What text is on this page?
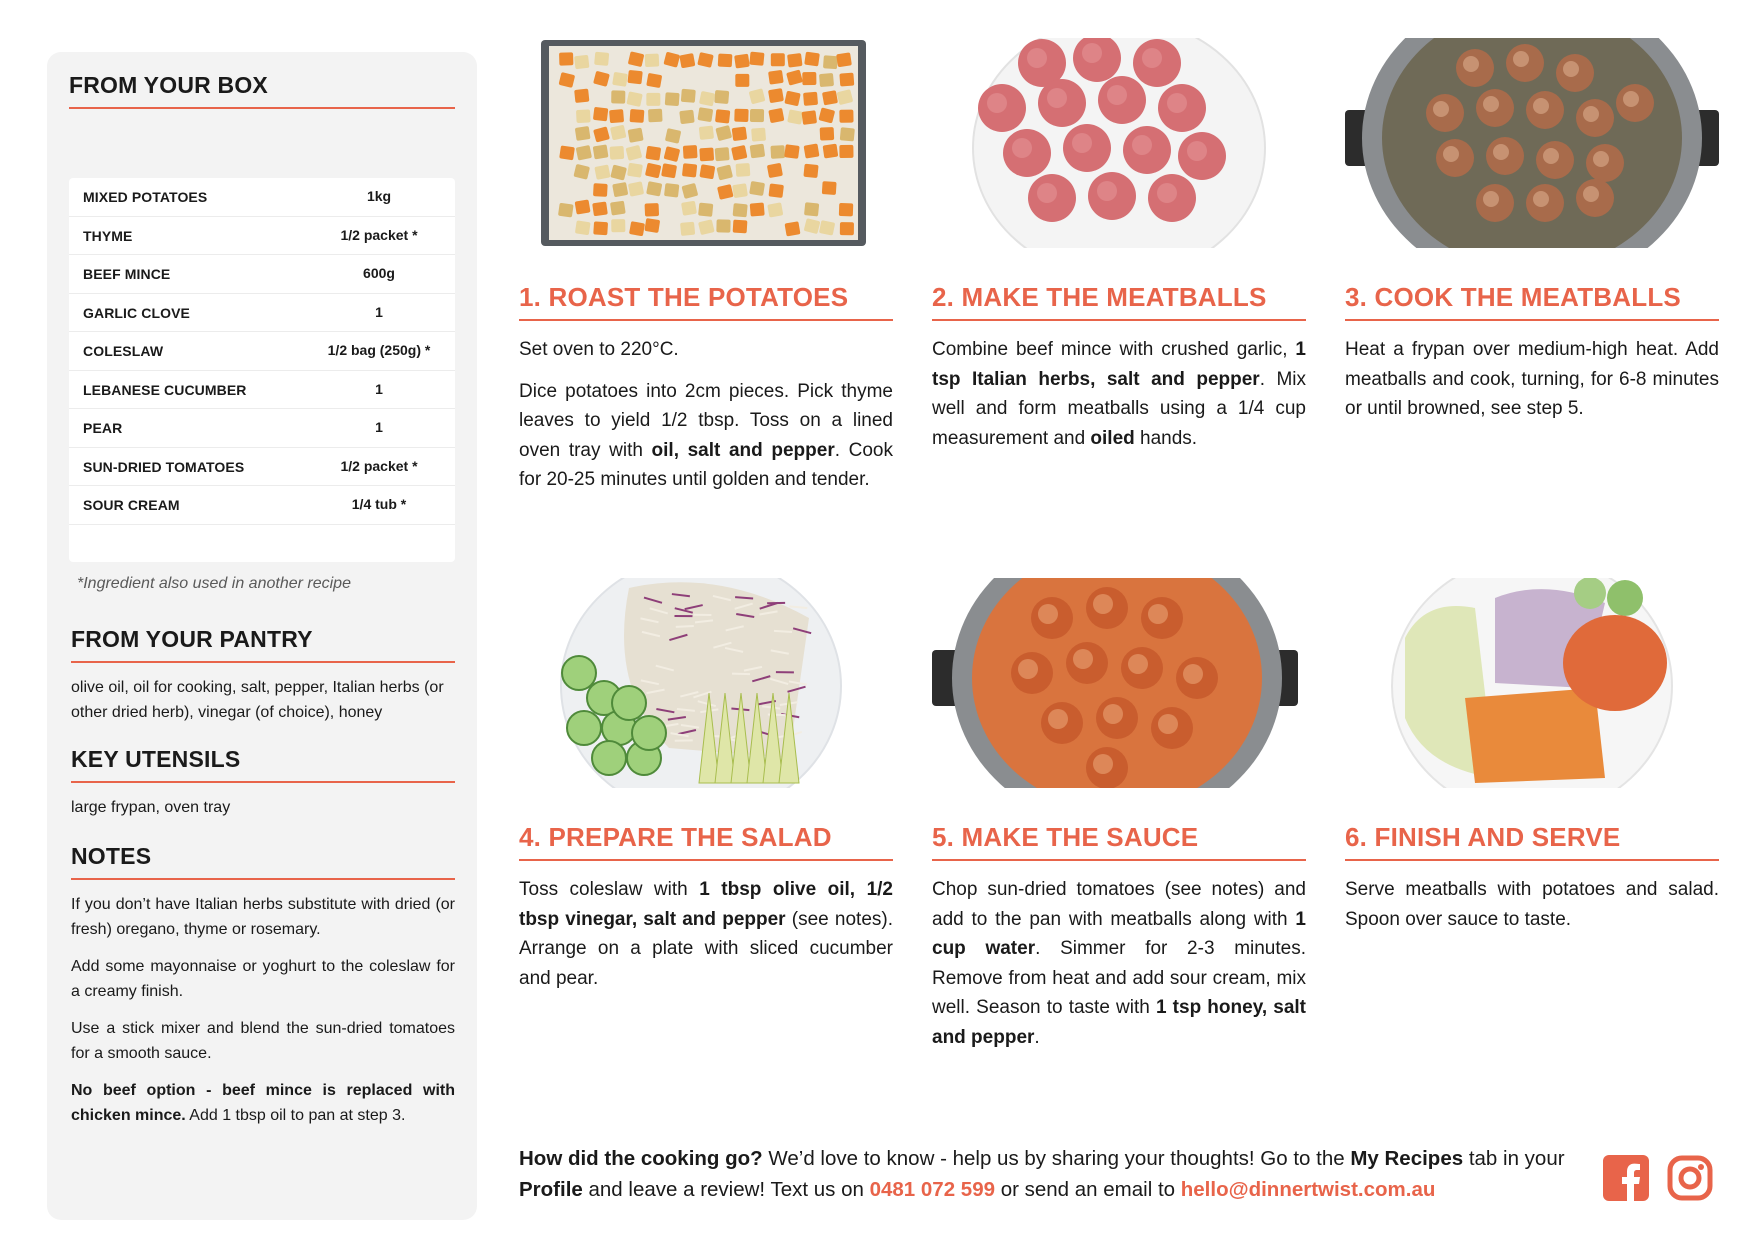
FROM YOUR BOX
MIXED POTATOES	1kg
THYME	1/2 packet *
BEEF MINCE	600g
GARLIC CLOVE	1
COLESLAW	1/2 bag (250g) *
LEBANESE CUCUMBER	1
PEAR	1
SUN-DRIED TOMATOES	1/2 packet *
SOUR CREAM	1/4 tub *
*Ingredient also used in another recipe
FROM YOUR PANTRY

olive oil, oil for cooking, salt, pepper, Italian herbs (or other dried herb), vinegar (of choice), honey

KEY UTENSILS

large frypan, oven tray

NOTES

If you don’t have Italian herbs substitute with dried (or fresh) oregano, thyme or rosemary.

Add some mayonnaise or yoghurt to the coleslaw for a creamy finish.

Use a stick mixer and blend the sun-dried tomatoes for a smooth sauce.

No beef option - beef mince is replaced with chicken mince. Add 1 tbsp oil to pan at step 3.

1. ROAST THE POTATOES

Set oven to 220°C.

Dice potatoes into 2cm pieces. Pick thyme leaves to yield 1/2 tbsp. Toss on a lined oven tray with oil, salt and pepper. Cook for 20-25 minutes until golden and tender.

2. MAKE THE MEATBALLS

Combine beef mince with crushed garlic, 1 tsp Italian herbs, salt and pepper. Mix well and form meatballs using a 1/4 cup measurement and oiled hands.

3. COOK THE MEATBALLS

Heat a frypan over medium-high heat. Add meatballs and cook, turning, for 6-8 minutes or until browned, see step 5.

4. PREPARE THE SALAD

Toss coleslaw with 1 tbsp olive oil, 1/2 tbsp vinegar, salt and pepper (see notes). Arrange on a plate with sliced cucumber and pear.

5. MAKE THE SAUCE

Chop sun-dried tomatoes (see notes) and add to the pan with meatballs along with 1 cup water. Simmer for 2-3 minutes. Remove from heat and add sour cream, mix well. Season to taste with 1 tsp honey, salt and pepper.

6. FINISH AND SERVE

Serve meatballs with potatoes and salad. Spoon over sauce to taste.

How did the cooking go? We’d love to know - help us by sharing your thoughts! Go to the My Recipes tab in your Profile and leave a review! Text us on 0481 072 599 or send an email to hello@dinnertwist.com.au
